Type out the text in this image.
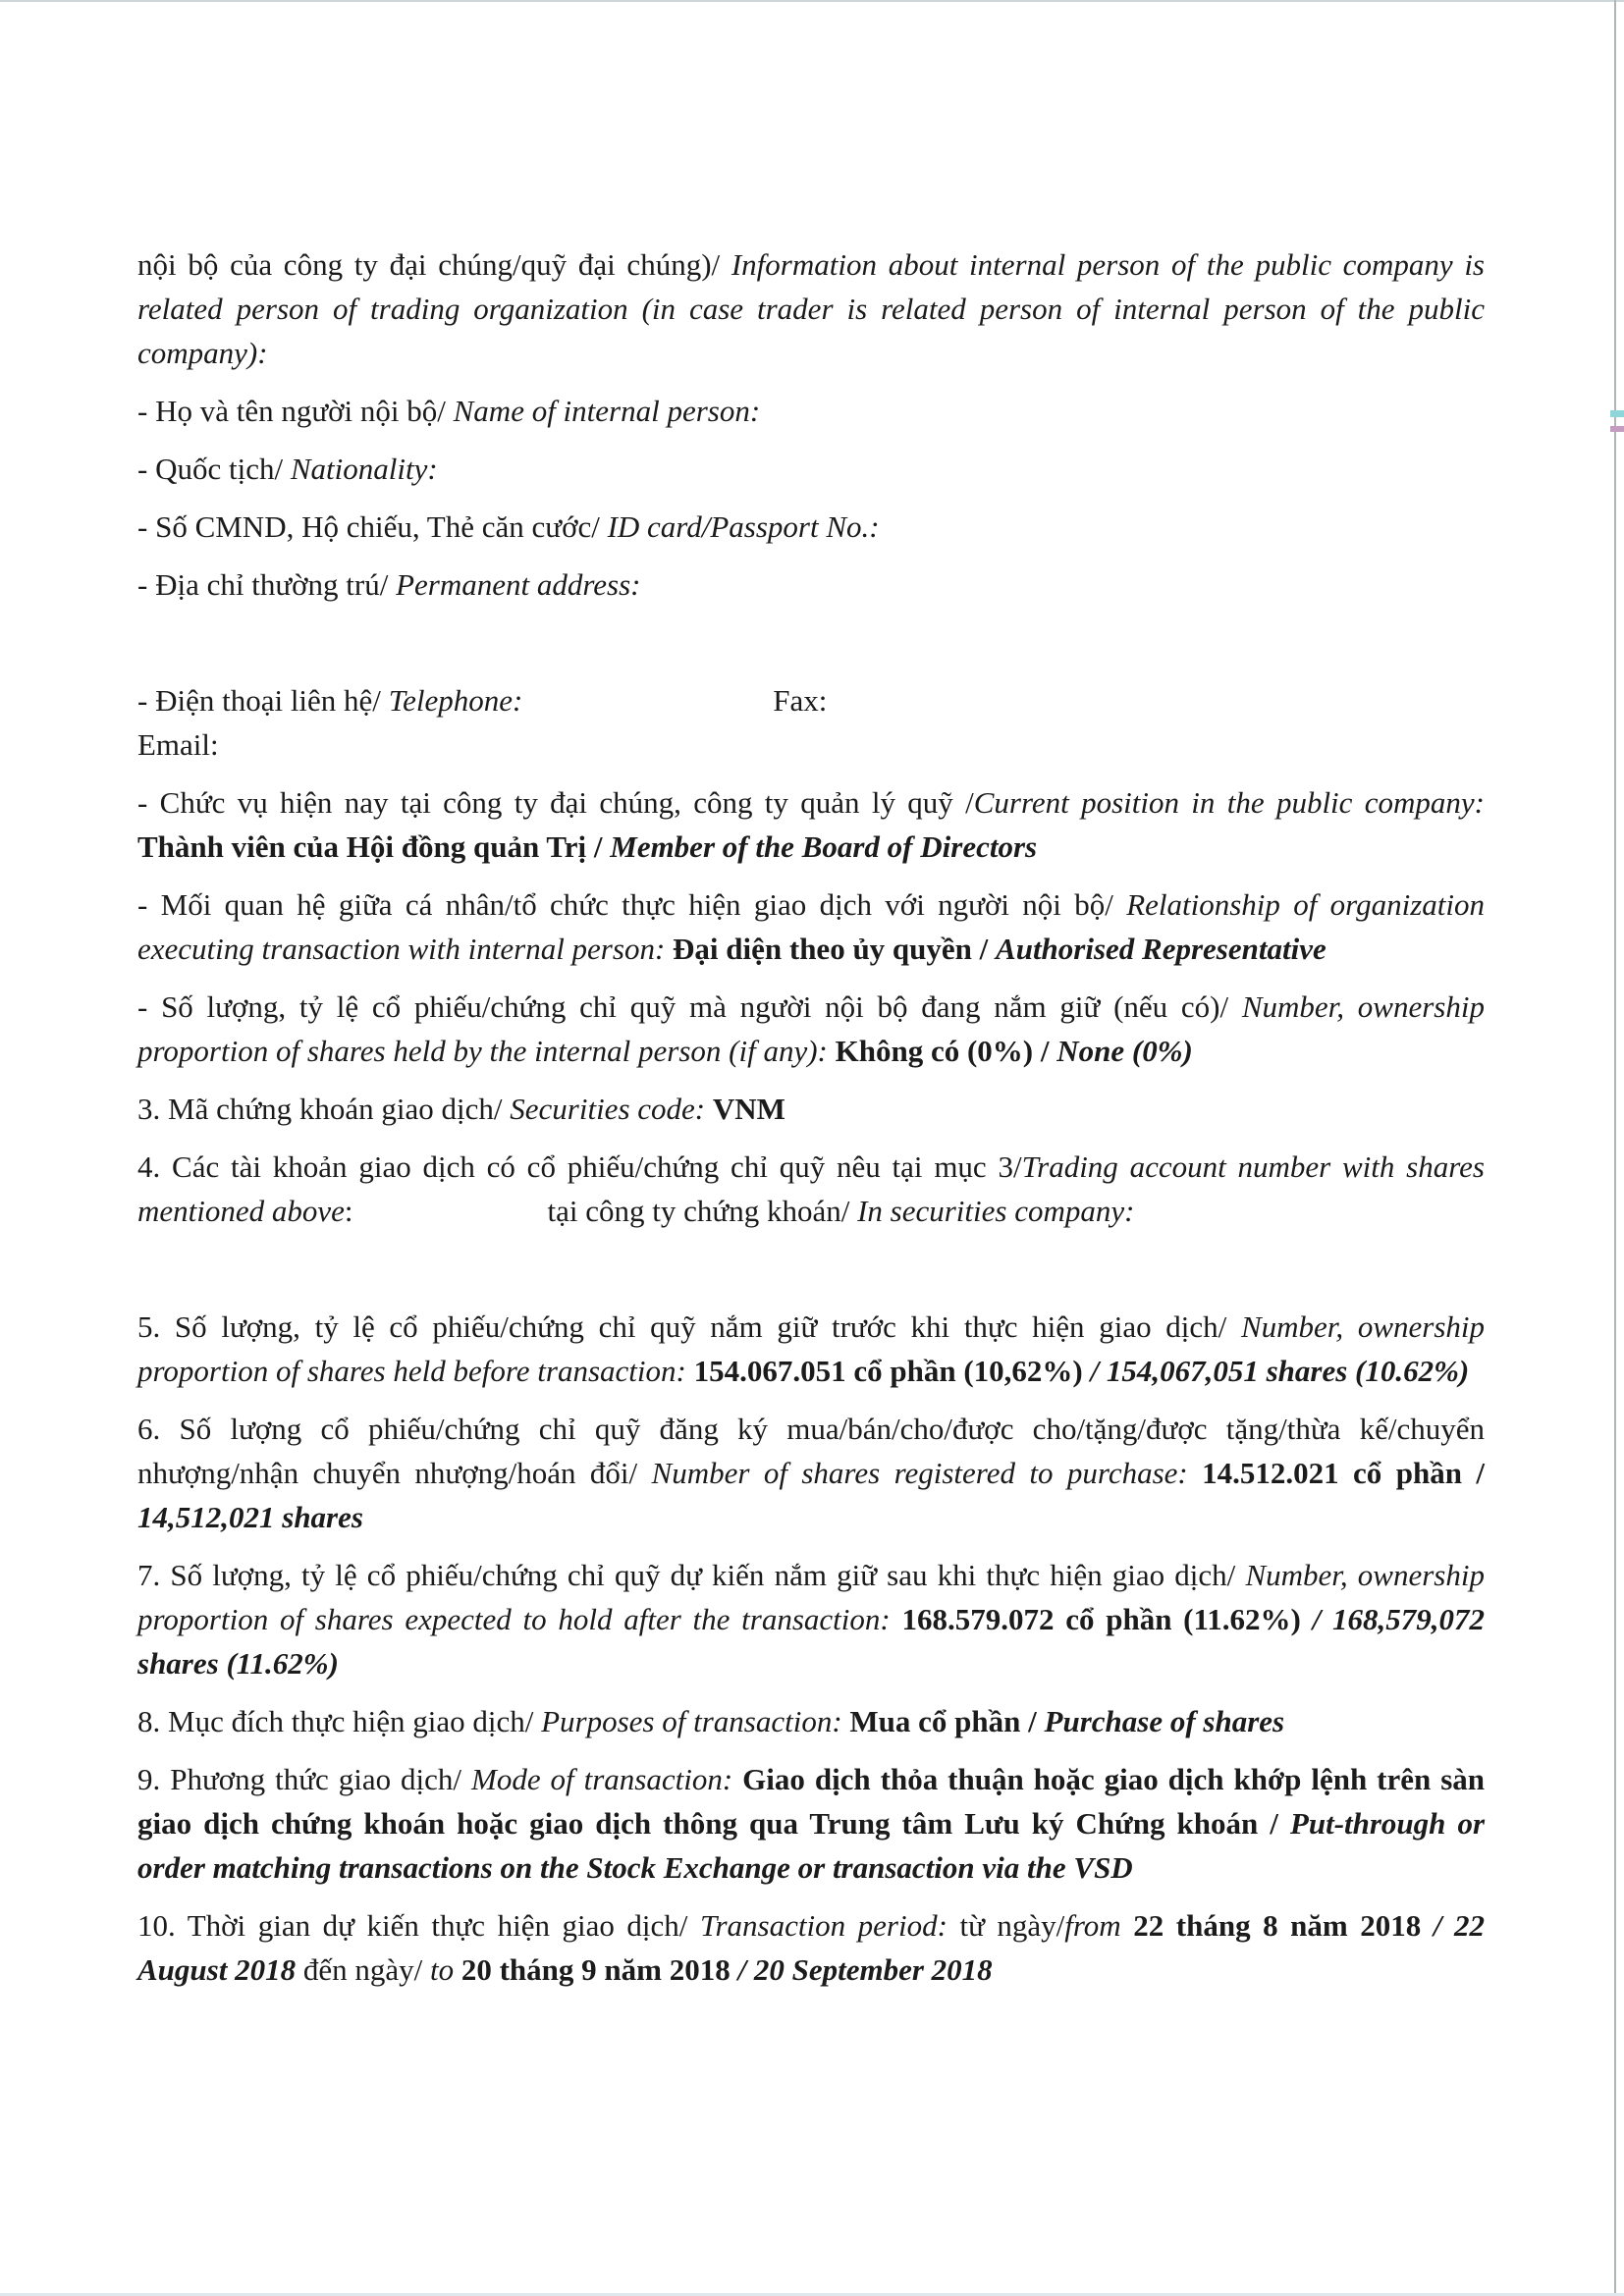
nội bộ của công ty đại chúng/quỹ đại chúng)/ Information about internal person of the public company is related person of trading organization (in case trader is related person of internal person of the public company):

- Họ và tên người nội bộ/ Name of internal person:

- Quốc tịch/ Nationality:

- Số CMND, Hộ chiếu, Thẻ căn cước/ ID card/Passport No.:

- Địa chỉ thường trú/ Permanent address:

- Điện thoại liên hệ/ Telephone:	Fax:
Email:

- Chức vụ hiện nay tại công ty đại chúng, công ty quản lý quỹ /Current position in the public company: Thành viên của Hội đồng quản Trị / Member of the Board of Directors

- Mối quan hệ giữa cá nhân/tổ chức thực hiện giao dịch với người nội bộ/ Relationship of organization executing transaction with internal person: Đại diện theo ủy quyền / Authorised Representative

- Số lượng, tỷ lệ cổ phiếu/chứng chỉ quỹ mà người nội bộ đang nắm giữ (nếu có)/ Number, ownership proportion of shares held by the internal person (if any): Không có (0%) / None (0%)

3. Mã chứng khoán giao dịch/ Securities code: VNM

4. Các tài khoản giao dịch có cổ phiếu/chứng chỉ quỹ nêu tại mục 3/Trading account number with shares mentioned above:	tại công ty chứng khoán/ In securities company:

5. Số lượng, tỷ lệ cổ phiếu/chứng chỉ quỹ nắm giữ trước khi thực hiện giao dịch/ Number, ownership proportion of shares held before transaction: 154.067.051 cổ phần (10,62%) / 154,067,051 shares (10.62%)

6. Số lượng cổ phiếu/chứng chỉ quỹ đăng ký mua/bán/cho/được cho/tặng/được tặng/thừa kế/chuyển nhượng/nhận chuyển nhượng/hoán đổi/ Number of shares registered to purchase: 14.512.021 cổ phần / 14,512,021 shares

7. Số lượng, tỷ lệ cổ phiếu/chứng chỉ quỹ dự kiến nắm giữ sau khi thực hiện giao dịch/ Number, ownership proportion of shares expected to hold after the transaction: 168.579.072 cổ phần (11.62%) / 168,579,072 shares (11.62%)

8. Mục đích thực hiện giao dịch/ Purposes of transaction: Mua cổ phần / Purchase of shares

9. Phương thức giao dịch/ Mode of transaction: Giao dịch thỏa thuận hoặc giao dịch khớp lệnh trên sàn giao dịch chứng khoán hoặc giao dịch thông qua Trung tâm Lưu ký Chứng khoán / Put-through or order matching transactions on the Stock Exchange or transaction via the VSD

10. Thời gian dự kiến thực hiện giao dịch/ Transaction period: từ ngày/from 22 tháng 8 năm 2018 / 22 August 2018 đến ngày/ to 20 tháng 9 năm 2018 / 20 September 2018
